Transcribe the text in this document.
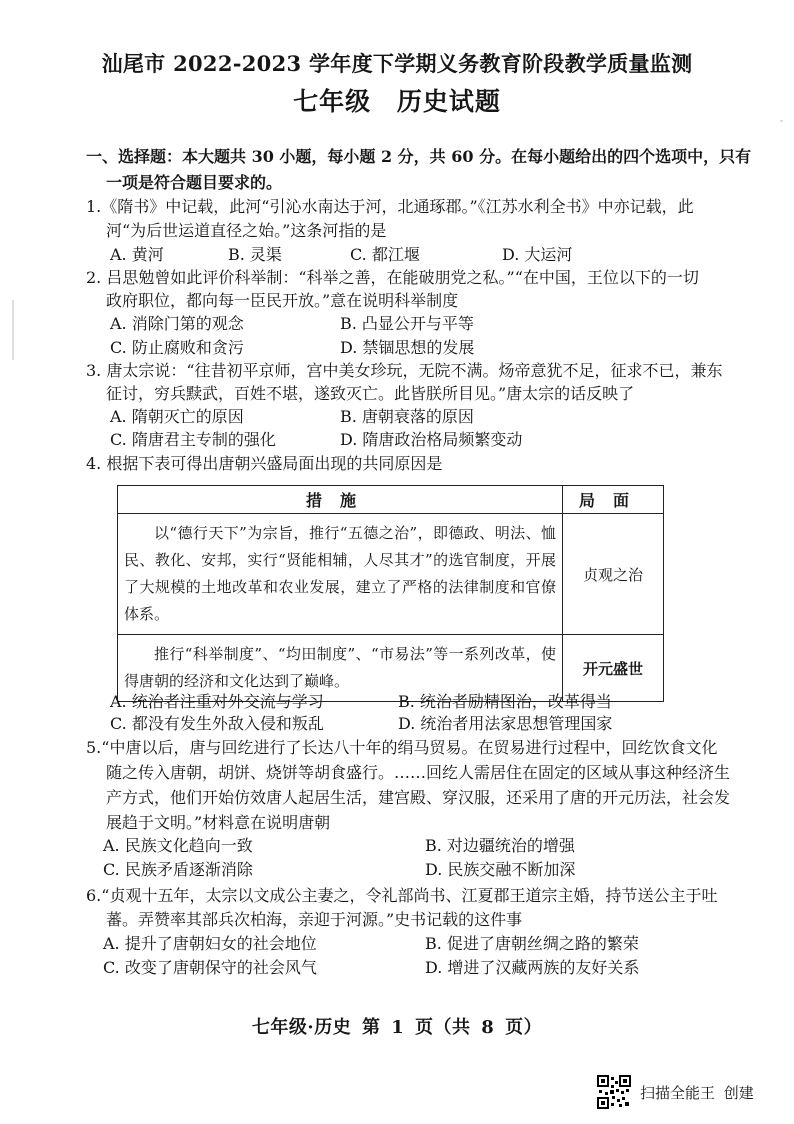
汕尾市 2022-2023 学年度下学期义务教育阶段教学质量监测
七年级 历史试题
一、选择题：本大题共 30 小题，每小题 2 分，共 60 分。在每小题给出的四个选项中，只有
一项是符合题目要求的。
1.《隋书》中记载，此河“引沁水南达于河，北通琢郡。”《江苏水利全书》中亦记载，此
河“为后世运道直径之始。”这条河指的是
A. 黄河	B. 灵渠	C. 都江堰	D. 大运河
2. 吕思勉曾如此评价科举制：“科举之善，在能破朋党之私。”“在中国，王位以下的一切
政府职位，都向每一臣民开放。”意在说明科举制度
A. 消除门第的观念	B. 凸显公开与平等
C. 防止腐败和贪污	D. 禁锢思想的发展
3. 唐太宗说：“往昔初平京师，宫中美女珍玩，无院不满。炀帝意犹不足，征求不已，兼东
征讨，穷兵黩武，百姓不堪，遂致灭亡。此皆朕所目见。”唐太宗的话反映了
A. 隋朝灭亡的原因	B. 唐朝衰落的原因
C. 隋唐君主专制的强化	D. 隋唐政治格局频繁变动
4. 根据下表可得出唐朝兴盛局面出现的共同原因是
措施	局面
以“德行天下”为宗旨，推行“五德之治”，即德政、明法、恤民、教化、安邦，实行“贤能相辅，人尽其才”的选官制度，开展了大规模的土地改革和农业发展，建立了严格的法律制度和官僚体系。	贞观之治
推行“科举制度”、“均田制度”、“市易法”等一系列改革，使得唐朝的经济和文化达到了巅峰。	开元盛世
A. 统治者注重对外交流与学习	B. 统治者励精图治，改革得当
C. 都没有发生外敌入侵和叛乱	D. 统治者用法家思想管理国家
5.“中唐以后，唐与回纥进行了长达八十年的绢马贸易。在贸易进行过程中，回纥饮食文化
随之传入唐朝，胡饼、烧饼等胡食盛行。……回纥人需居住在固定的区域从事这种经济生
产方式，他们开始仿效唐人起居生活，建宫殿、穿汉服，还采用了唐的开元历法，社会发
展趋于文明。”材料意在说明唐朝
A. 民族文化趋向一致	B. 对边疆统治的增强
C. 民族矛盾逐渐消除	D. 民族交融不断加深
6.“贞观十五年，太宗以文成公主妻之，令礼部尚书、江夏郡王道宗主婚，持节送公主于吐
蕃。弄赞率其部兵次柏海，亲迎于河源。”史书记载的这件事
A. 提升了唐朝妇女的社会地位	B. 促进了唐朝丝绸之路的繁荣
C. 改变了唐朝保守的社会风气	D. 增进了汉藏两族的友好关系
七年级·历史 第 1 页（共 8 页）
扫描全能王 创建
